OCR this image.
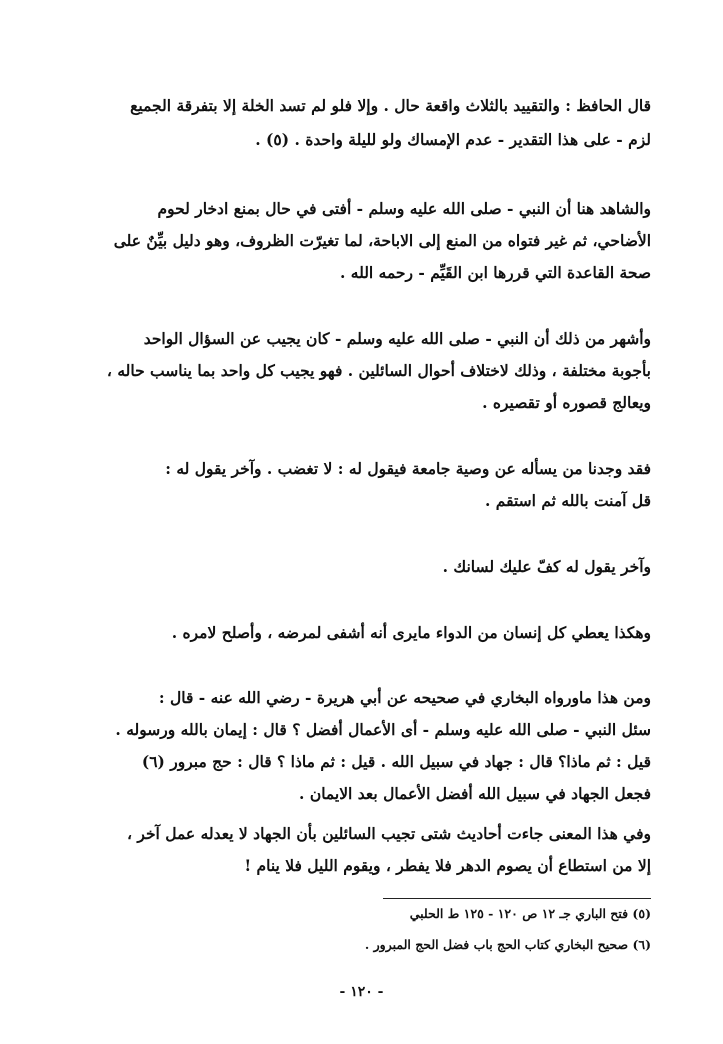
قال الحافظ : والتقييد بالثلاث واقعة حال . وإلا فلو لم تسد الخلة إلا بتفرقة الجميع
لزم - على هذا التقدير - عدم الإمساك ولو لليلة واحدة . (٥) .
والشاهد هنا أن النبي - صلى الله عليه وسلم - أفتى في حال بمنع ادخار لحوم
الأضاحي، ثم غير فتواه من المنع إلى الاباحة، لما تغيرّت الظروف، وهو دليل بيِّنٌ على
صحة القاعدة التي قررها ابن القَيِّم - رحمه الله .
وأشهر من ذلك أن النبي - صلى الله عليه وسلم - كان يجيب عن السؤال الواحد
بأجوبة مختلفة ، وذلك لاختلاف أحوال السائلين . فهو يجيب كل واحد بما يناسب حاله ،
ويعالج قصوره أو تقصيره .
فقد وجدنا من يسأله عن وصية جامعة فيقول له : لا تغضب . وآخر يقول له :
قل آمنت بالله ثم استقم .
وآخر يقول له كفّ عليك لسانك .
وهكذا يعطي كل إنسان من الدواء مايرى أنه أشفى لمرضه ، وأصلح لامره .
ومن هذا ماورواه البخاري في صحيحه عن أبي هريرة - رضي الله عنه - قال :
سئل النبي - صلى الله عليه وسلم - أى الأعمال أفضل ؟ قال : إيمان بالله ورسوله .
قيل : ثم ماذا؟ قال : جهاد في سبيل الله . قيل : ثم ماذا ؟ قال : حج مبرور (٦)
فجعل الجهاد في سبيل الله أفضل الأعمال بعد الايمان .
وفي هذا المعنى جاءت أحاديث شتى تجيب السائلين بأن الجهاد لا يعدله عمل آخر ،
إلا من استطاع أن يصوم الدهر فلا يفطر ، ويقوم الليل فلا ينام !
(٥) فتح الباري جـ ١٢ ص ١٢٠ - ١٢٥ ط الحلبي
(٦) صحيح البخاري كتاب الحج باب فضل الحج المبرور .
- ١٢٠ -
